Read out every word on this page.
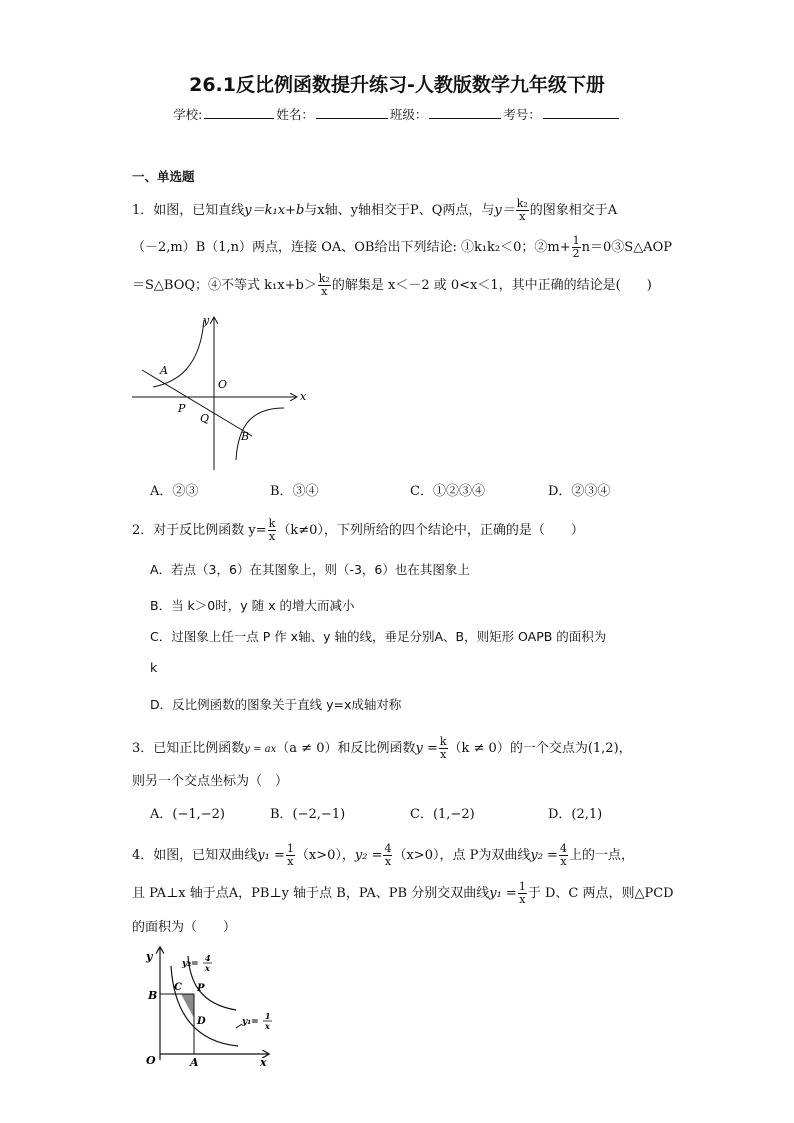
26.1反比例函数提升练习-人教版数学九年级下册
学校:	姓名：	班级：	考号：
一、单选题
1．如图，已知直线y＝k₁x+b与x轴、y轴相交于P、Q两点，与$y= \frac{\text{k₂}}{x}$ 的图象相交于A
（－2,m）B（1,n）两点，连接 OA、OB给出下列结论: ①k₁k₂＜0；②m+ $\frac{1}{2}$ n＝0③S△AOP
＝S△BOQ；④不等式 $k_1x+b> \frac{\text{k₂}}{x}$ 的解集是 x＜－2 或 0<x＜1，其中正确的结论是(　　)
A
O
P
Q
B
y
x
A．②③	B．③④	C．①②③④	D．②③④
2．对于反比例函数 $y= \frac{k}{x} (k\ne 0)$，下列所给的四个结论中，正确的是（　　）
A．若点（3，6）在其图象上，则（-3，6）也在其图象上
B．当 k＞0时，y 随 x 的增大而减小
C．过图象上任一点 P 作 x轴、y 轴的线，垂足分别A、B，则矩形 OAPB 的面积为
k
D．反比例函数的图象关于直线 y=x成轴对称
3．已知正比例函数y = ax（a ≠ 0）和反比例函数$y = \frac{k}{x} (k \ne 0)$的一个交点为(1,2)，
则另一个交点坐标为（　）
A．(−1,−2)	B．(−2,−1)	C．(1,−2)	D．(2,1)
4．如图，已知双曲线$y_1 = \frac{1}{x} (x>0)$，$y_2 = \frac{4}{x} (x>0)$，点 P为双曲线$y_2 = \frac{4}{x}$ 上的一点，
且 PA⊥x 轴于点A，PB⊥y 轴于点 B，PA、PB 分别交双曲线$y_1 = \frac{1}{x}$ 于 D、C 两点，则△PCD
的面积为（　　）
y
x
O	A
B
C P
D
y₂=
4
x
y₁=
1
x
